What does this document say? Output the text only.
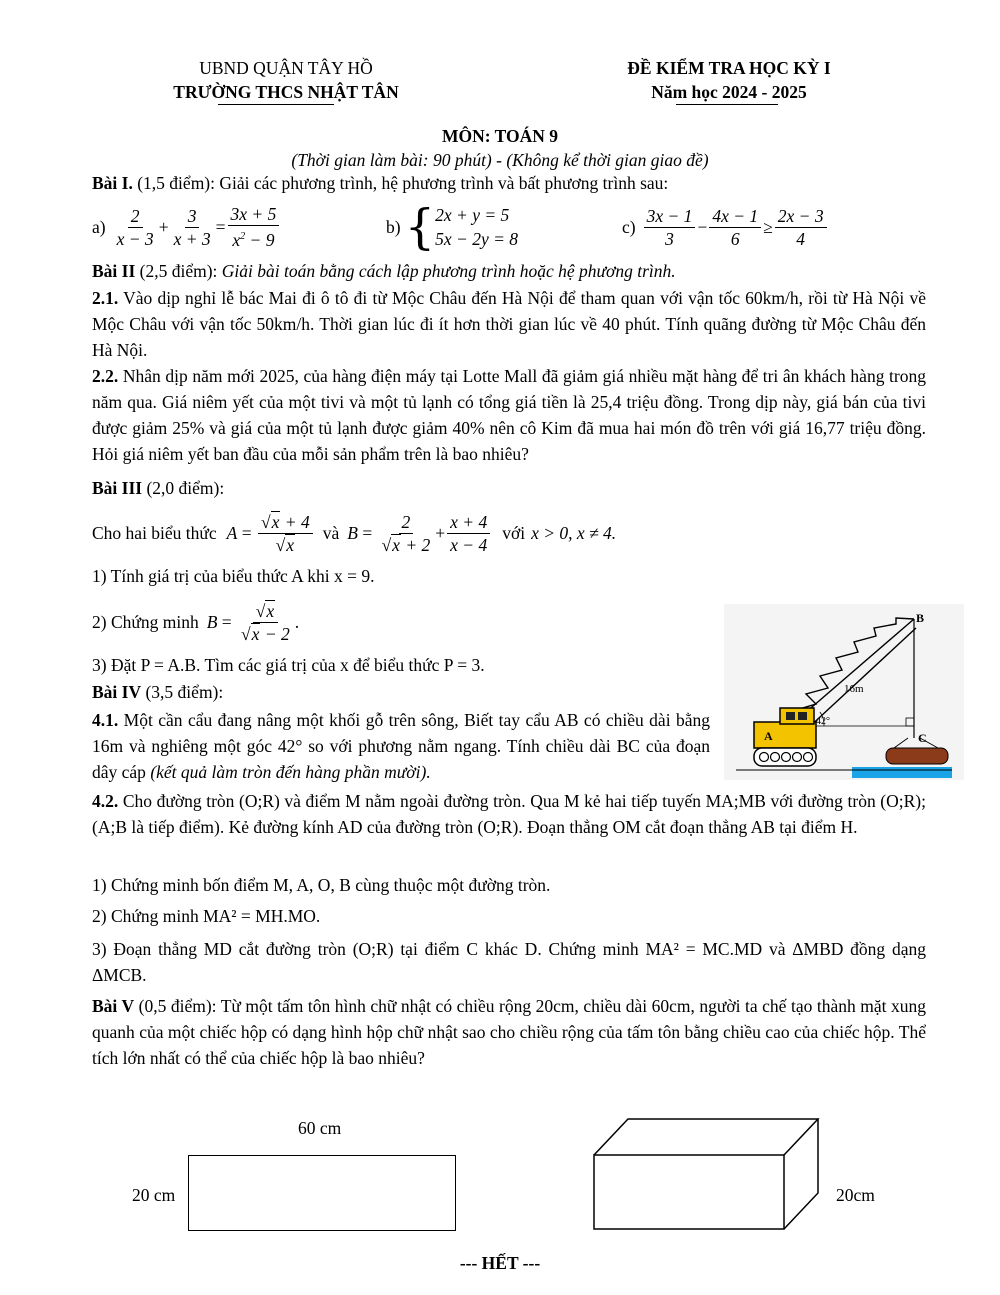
UBND QUẬN TÂY HỒ
TRƯỜNG THCS NHẬT TÂN
ĐỀ KIỂM TRA HỌC KỲ I
Năm học 2024 - 2025
MÔN: TOÁN 9
(Thời gian làm bài: 90 phút) - (Không kể thời gian giao đề)
Bài I. (1,5 điểm): Giải các phương trình, hệ phương trình và bất phương trình sau:
$a) \frac{2}{x - 3} + \frac{3}{x + 3} = \frac{3x + 5}{x^2 - 9}$	b) { 2x + y = 5
5x − 2y = 8
$c) \frac{3x - 1}{3} - \frac{4x - 1}{6} \ge \frac{2x - 3}{4}$
Bài II (2,5 điểm): Giải bài toán bằng cách lập phương trình hoặc hệ phương trình.
2.1. Vào dịp nghỉ lễ bác Mai đi ô tô đi từ Mộc Châu đến Hà Nội để tham quan với vận tốc 60km/h, rồi từ Hà Nội về Mộc Châu với vận tốc 50km/h. Thời gian lúc đi ít hơn thời gian lúc về 40 phút. Tính quãng đường từ Mộc Châu đến Hà Nội.
2.2. Nhân dịp năm mới 2025, của hàng điện máy tại Lotte Mall đã giảm giá nhiều mặt hàng để tri ân khách hàng trong năm qua. Giá niêm yết của một tivi và một tủ lạnh có tổng giá tiền là 25,4 triệu đồng. Trong dịp này, giá bán của tivi được giảm 25% và giá của một tủ lạnh được giảm 40% nên cô Kim đã mua hai món đồ trên với giá 16,77 triệu đồng. Hỏi giá niêm yết ban đầu của mỗi sản phẩm trên là bao nhiêu?
Bài III (2,0 điểm):
Cho hai biểu thức $A = \frac{√x + 4}{√x}$ và $B = \frac{2}{√x + 2} + \frac{x + 4}{x - 4}$ với x > 0, x ≠ 4.
1) Tính giá trị của biểu thức A khi x = 9.
2) Chứng minh $B = \frac{√x}{√x - 2}$ .
3) Đặt P = A.B. Tìm các giá trị của x để biểu thức P = 3.
Bài IV (3,5 điểm):
4.1. Một cần cẩu đang nâng một khối gỗ trên sông, Biết tay cẩu AB có chiều dài bằng 16m và nghiêng một góc 42° so với phương nằm ngang. Tính chiều dài BC của đoạn dây cáp (kết quả làm tròn đến hàng phần mười).
B
C
A
16m
42°
4.2. Cho đường tròn (O;R) và điểm M nằm ngoài đường tròn. Qua M kẻ hai tiếp tuyến MA;MB với đường tròn (O;R);(A;B là tiếp điểm). Kẻ đường kính AD của đường tròn (O;R). Đoạn thẳng OM cắt đoạn thẳng AB tại điểm H.
1) Chứng minh bốn điểm M, A, O, B cùng thuộc một đường tròn.
2) Chứng minh MA² = MH.MO.
3) Đoạn thẳng MD cắt đường tròn (O;R) tại điểm C khác D. Chứng minh MA² = MC.MD và ΔMBD đồng dạng ΔMCB.
Bài V (0,5 điểm): Từ một tấm tôn hình chữ nhật có chiều rộng 20cm, chiều dài 60cm, người ta chế tạo thành mặt xung quanh của một chiếc hộp có dạng hình hộp chữ nhật sao cho chiều rộng của tấm tôn bằng chiều cao của chiếc hộp. Thể tích lớn nhất có thể của chiếc hộp là bao nhiêu?
60 cm
20 cm	20cm
--- HẾT ---
